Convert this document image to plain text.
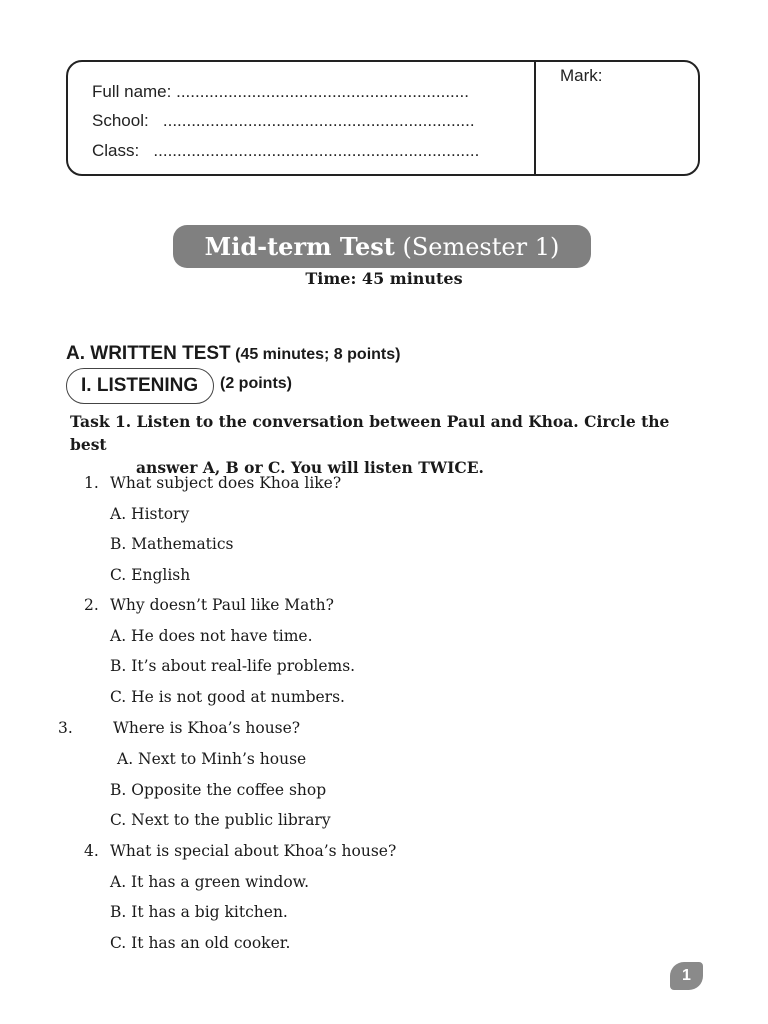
Full name: ..............................................................
School: ..................................................................
Class: .....................................................................
Mark:
Mid-term Test
(Semester 1)
Time: 45 minutes
A. WRITTEN TEST (45 minutes; 8 points)
I. LISTENING	(2 points)
Task 1. Listen to the conversation between Paul and Khoa. Circle the best
answer A, B or C. You will listen TWICE.
1. What subject does Khoa like?
A. History
B. Mathematics
C. English
2. Why doesn’t Paul like Math?
A. He does not have time.
B. It’s about real-life problems.
C. He is not good at numbers.
3.	Where is Khoa’s house?
A. Next to Minh’s house
B. Opposite the coffee shop
C. Next to the public library
4. What is special about Khoa’s house?
A. It has a green window.
B. It has a big kitchen.
C. It has an old cooker.
1
